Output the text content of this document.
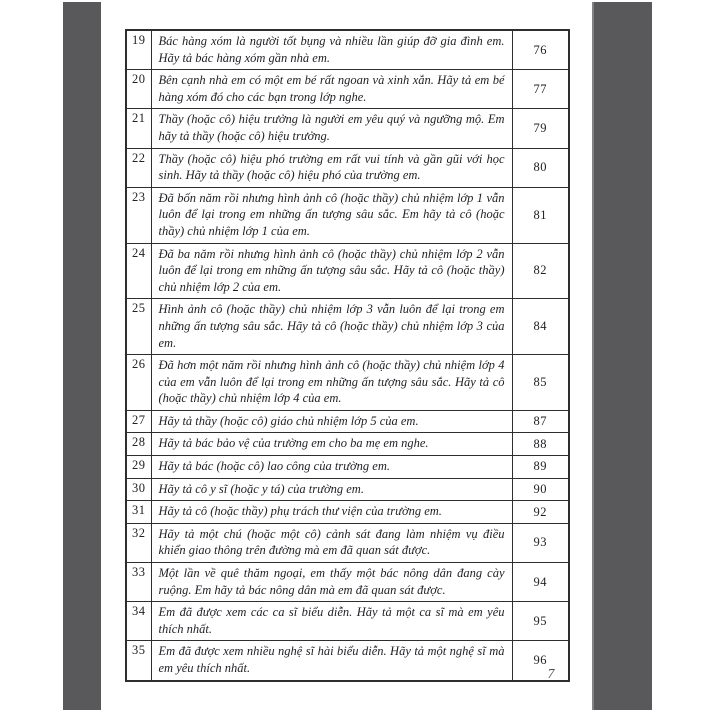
19	Bác hàng xóm là người tốt bụng và nhiều lần giúp đỡ gia đình em. Hãy tả bác hàng xóm gần nhà em.	76
20	Bên cạnh nhà em có một em bé rất ngoan và xinh xắn. Hãy tả em bé hàng xóm đó cho các bạn trong lớp nghe.	77
21	Thầy (hoặc cô) hiệu trưởng là người em yêu quý và ngưỡng mộ. Em hãy tả thầy (hoặc cô) hiệu trưởng.	79
22	Thầy (hoặc cô) hiệu phó trường em rất vui tính và gần gũi với học sinh. Hãy tả thầy (hoặc cô) hiệu phó của trường em.	80
23	Đã bốn năm rồi nhưng hình ảnh cô (hoặc thầy) chủ nhiệm lớp 1 vẫn luôn để lại trong em những ấn tượng sâu sắc. Em hãy tả cô (hoặc thầy) chủ nhiệm lớp 1 của em.	81
24	Đã ba năm rồi nhưng hình ảnh cô (hoặc thầy) chủ nhiệm lớp 2 vẫn luôn để lại trong em những ấn tượng sâu sắc. Hãy tả cô (hoặc thầy) chủ nhiệm lớp 2 của em.	82
25	Hình ảnh cô (hoặc thầy) chủ nhiệm lớp 3 vẫn luôn để lại trong em những ấn tượng sâu sắc. Hãy tả cô (hoặc thầy) chủ nhiệm lớp 3 của em.	84
26	Đã hơn một năm rồi nhưng hình ảnh cô (hoặc thầy) chủ nhiệm lớp 4 của em vẫn luôn để lại trong em những ấn tượng sâu sắc. Hãy tả cô (hoặc thầy) chủ nhiệm lớp 4 của em.	85
27	Hãy tả thầy (hoặc cô) giáo chủ nhiệm lớp 5 của em.	87
28	Hãy tả bác bảo vệ của trường em cho ba mẹ em nghe.	88
29	Hãy tả bác (hoặc cô) lao công của trường em.	89
30	Hãy tả cô y sĩ (hoặc y tá) của trường em.	90
31	Hãy tả cô (hoặc thầy) phụ trách thư viện của trường em.	92
32	Hãy tả một chú (hoặc một cô) cảnh sát đang làm nhiệm vụ điều khiển giao thông trên đường mà em đã quan sát được.	93
33	Một lần về quê thăm ngoại, em thấy một bác nông dân đang cày ruộng. Em hãy tả bác nông dân mà em đã quan sát được.	94
34	Em đã được xem các ca sĩ biểu diễn. Hãy tả một ca sĩ mà em yêu thích nhất.	95
35	Em đã được xem nhiều nghệ sĩ hài biểu diễn. Hãy tả một nghệ sĩ mà em yêu thích nhất.	96
7
